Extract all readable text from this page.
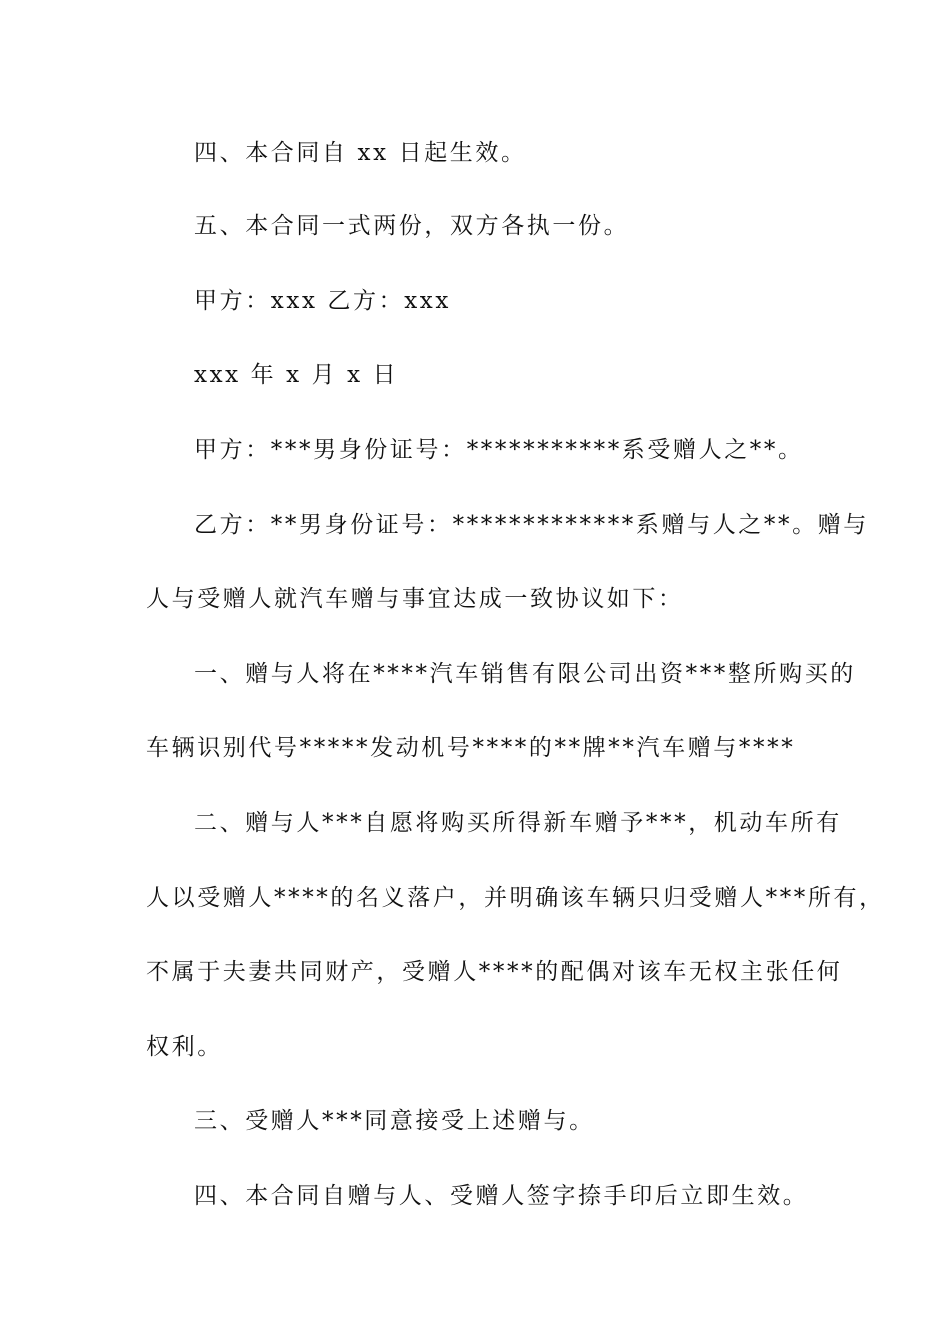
四、本合同自 xx 日起生效。
五、本合同一式两份，双方各执一份。
甲方：xxx 乙方：xxx
xxx 年 x 月 x 日
甲方：***男身份证号：***********系受赠人之**。
乙方：**男身份证号：*************系赠与人之**。赠与
人与受赠人就汽车赠与事宜达成一致协议如下：
一、赠与人将在****汽车销售有限公司出资***整所购买的
车辆识别代号*****发动机号****的**牌**汽车赠与****
二、赠与人***自愿将购买所得新车赠予***，机动车所有
人以受赠人****的名义落户，并明确该车辆只归受赠人***所有，
不属于夫妻共同财产，受赠人****的配偶对该车无权主张任何
权利。
三、受赠人***同意接受上述赠与。
四、本合同自赠与人、受赠人签字捺手印后立即生效。
